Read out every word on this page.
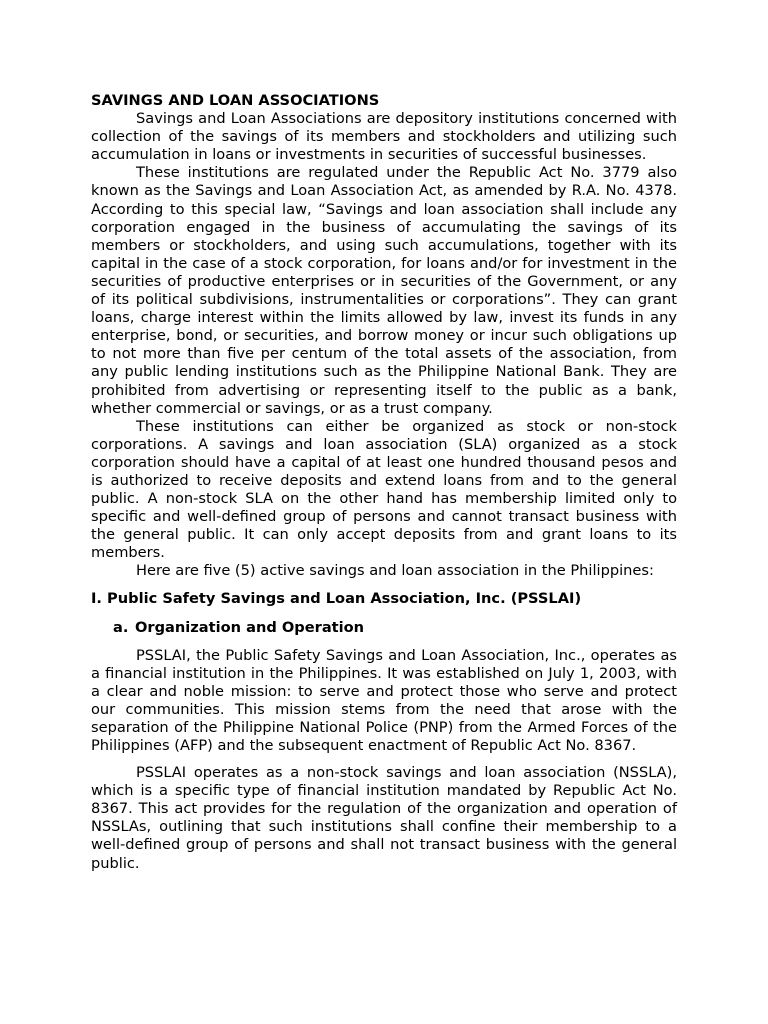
SAVINGS AND LOAN ASSOCIATIONS

Savings and Loan Associations are depository institutions concerned with collection of the savings of its members and stockholders and utilizing such accumulation in loans or investments in securities of successful businesses.

These institutions are regulated under the Republic Act No. 3779 also known as the Savings and Loan Association Act, as amended by R.A. No. 4378. According to this special law, “Savings and loan association shall include any corporation engaged in the business of accumulating the savings of its members or stockholders, and using such accumulations, together with its capital in the case of a stock corporation, for loans and/or for investment in the securities of productive enterprises or in securities of the Government, or any of its political subdivisions, instrumentalities or corporations”. They can grant loans, charge interest within the limits allowed by law, invest its funds in any enterprise, bond, or securities, and borrow money or incur such obligations up to not more than five per centum of the total assets of the association, from any public lending institutions such as the Philippine National Bank. They are prohibited from advertising or representing itself to the public as a bank, whether commercial or savings, or as a trust company.

These institutions can either be organized as stock or non-stock corporations. A savings and loan association (SLA) organized as a stock corporation should have a capital of at least one hundred thousand pesos and is authorized to receive deposits and extend loans from and to the general public. A non-stock SLA on the other hand has membership limited only to specific and well-defined group of persons and cannot transact business with the general public. It can only accept deposits from and grant loans to its members.

Here are five (5) active savings and loan association in the Philippines:

I. Public Safety Savings and Loan Association, Inc. (PSSLAI)

a. Organization and Operation

PSSLAI, the Public Safety Savings and Loan Association, Inc., operates as a financial institution in the Philippines. It was established on July 1, 2003, with a clear and noble mission: to serve and protect those who serve and protect our communities. This mission stems from the need that arose with the separation of the Philippine National Police (PNP) from the Armed Forces of the Philippines (AFP) and the subsequent enactment of Republic Act No. 8367.

PSSLAI operates as a non-stock savings and loan association (NSSLA), which is a specific type of financial institution mandated by Republic Act No. 8367. This act provides for the regulation of the organization and operation of NSSLAs, outlining that such institutions shall confine their membership to a well-defined group of persons and shall not transact business with the general public.
